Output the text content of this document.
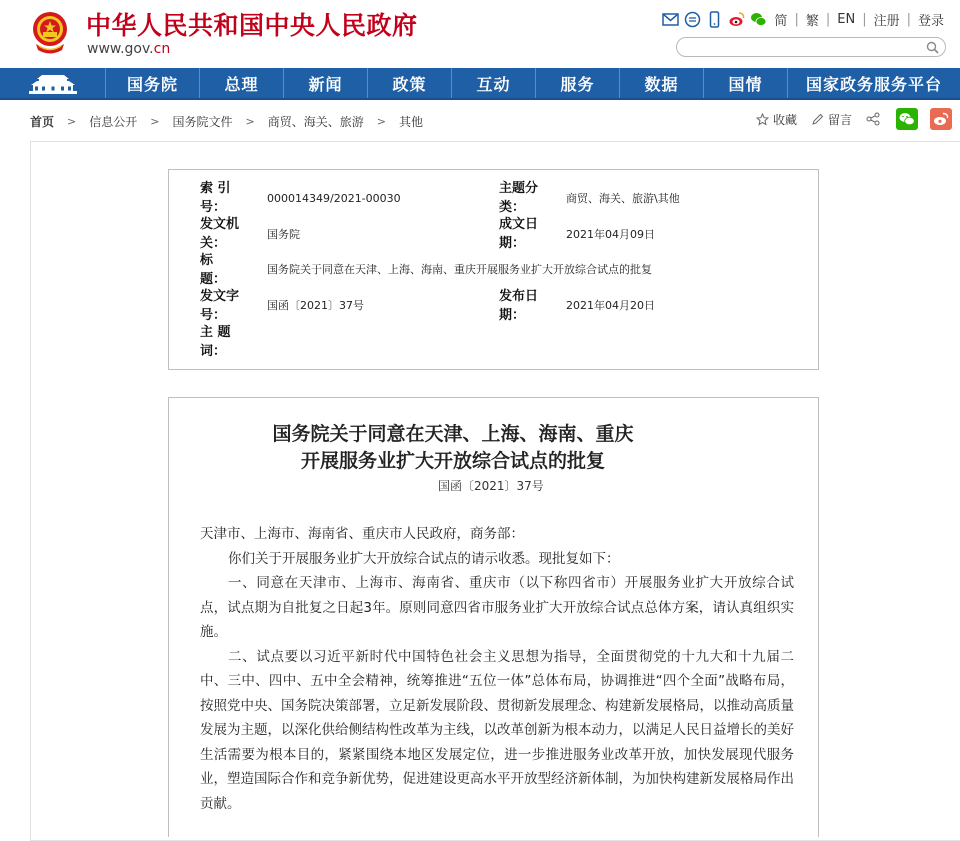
中华人民共和国中央人民政府
www.gov.cn
简 | 繁 | EN | 注册 | 登录
国务院	总理	新闻	政策	互动	服务	数据	国情	国家政务服务平台
首页 > 信息公开 > 国务院文件 > 商贸、海关、旅游 > 其他	收藏	留言
索 引 号：
000014349/2021-00030
发文机关：
国务院
标 题：
国务院关于同意在天津、上海、海南、重庆开展服务业扩大开放综合试点的批复
发文字号：
国函〔2021〕37号
主 题 词：
主题分类：
商贸、海关、旅游\其他
成文日期：
2021年04月09日
发布日期：
2021年04月20日
国务院关于同意在天津、上海、海南、重庆
开展服务业扩大开放综合试点的批复
国函〔2021〕37号

天津市、上海市、海南省、重庆市人民政府，商务部：

你们关于开展服务业扩大开放综合试点的请示收悉。现批复如下：

一、同意在天津市、上海市、海南省、重庆市（以下称四省市）开展服务业扩大开放综合试点，试点期为自批复之日起3年。原则同意四省市服务业扩大开放综合试点总体方案，请认真组织实施。

二、试点要以习近平新时代中国特色社会主义思想为指导，全面贯彻党的十九大和十九届二中、三中、四中、五中全会精神，统筹推进“五位一体”总体布局，协调推进“四个全面”战略布局，按照党中央、国务院决策部署，立足新发展阶段、贯彻新发展理念、构建新发展格局，以推动高质量发展为主题，以深化供给侧结构性改革为主线，以改革创新为根本动力，以满足人民日益增长的美好生活需要为根本目的，紧紧围绕本地区发展定位，进一步推进服务业改革开放，加快发展现代服务业，塑造国际合作和竞争新优势，促进建设更高水平开放型经济新体制，为加快构建新发展格局作出贡献。
